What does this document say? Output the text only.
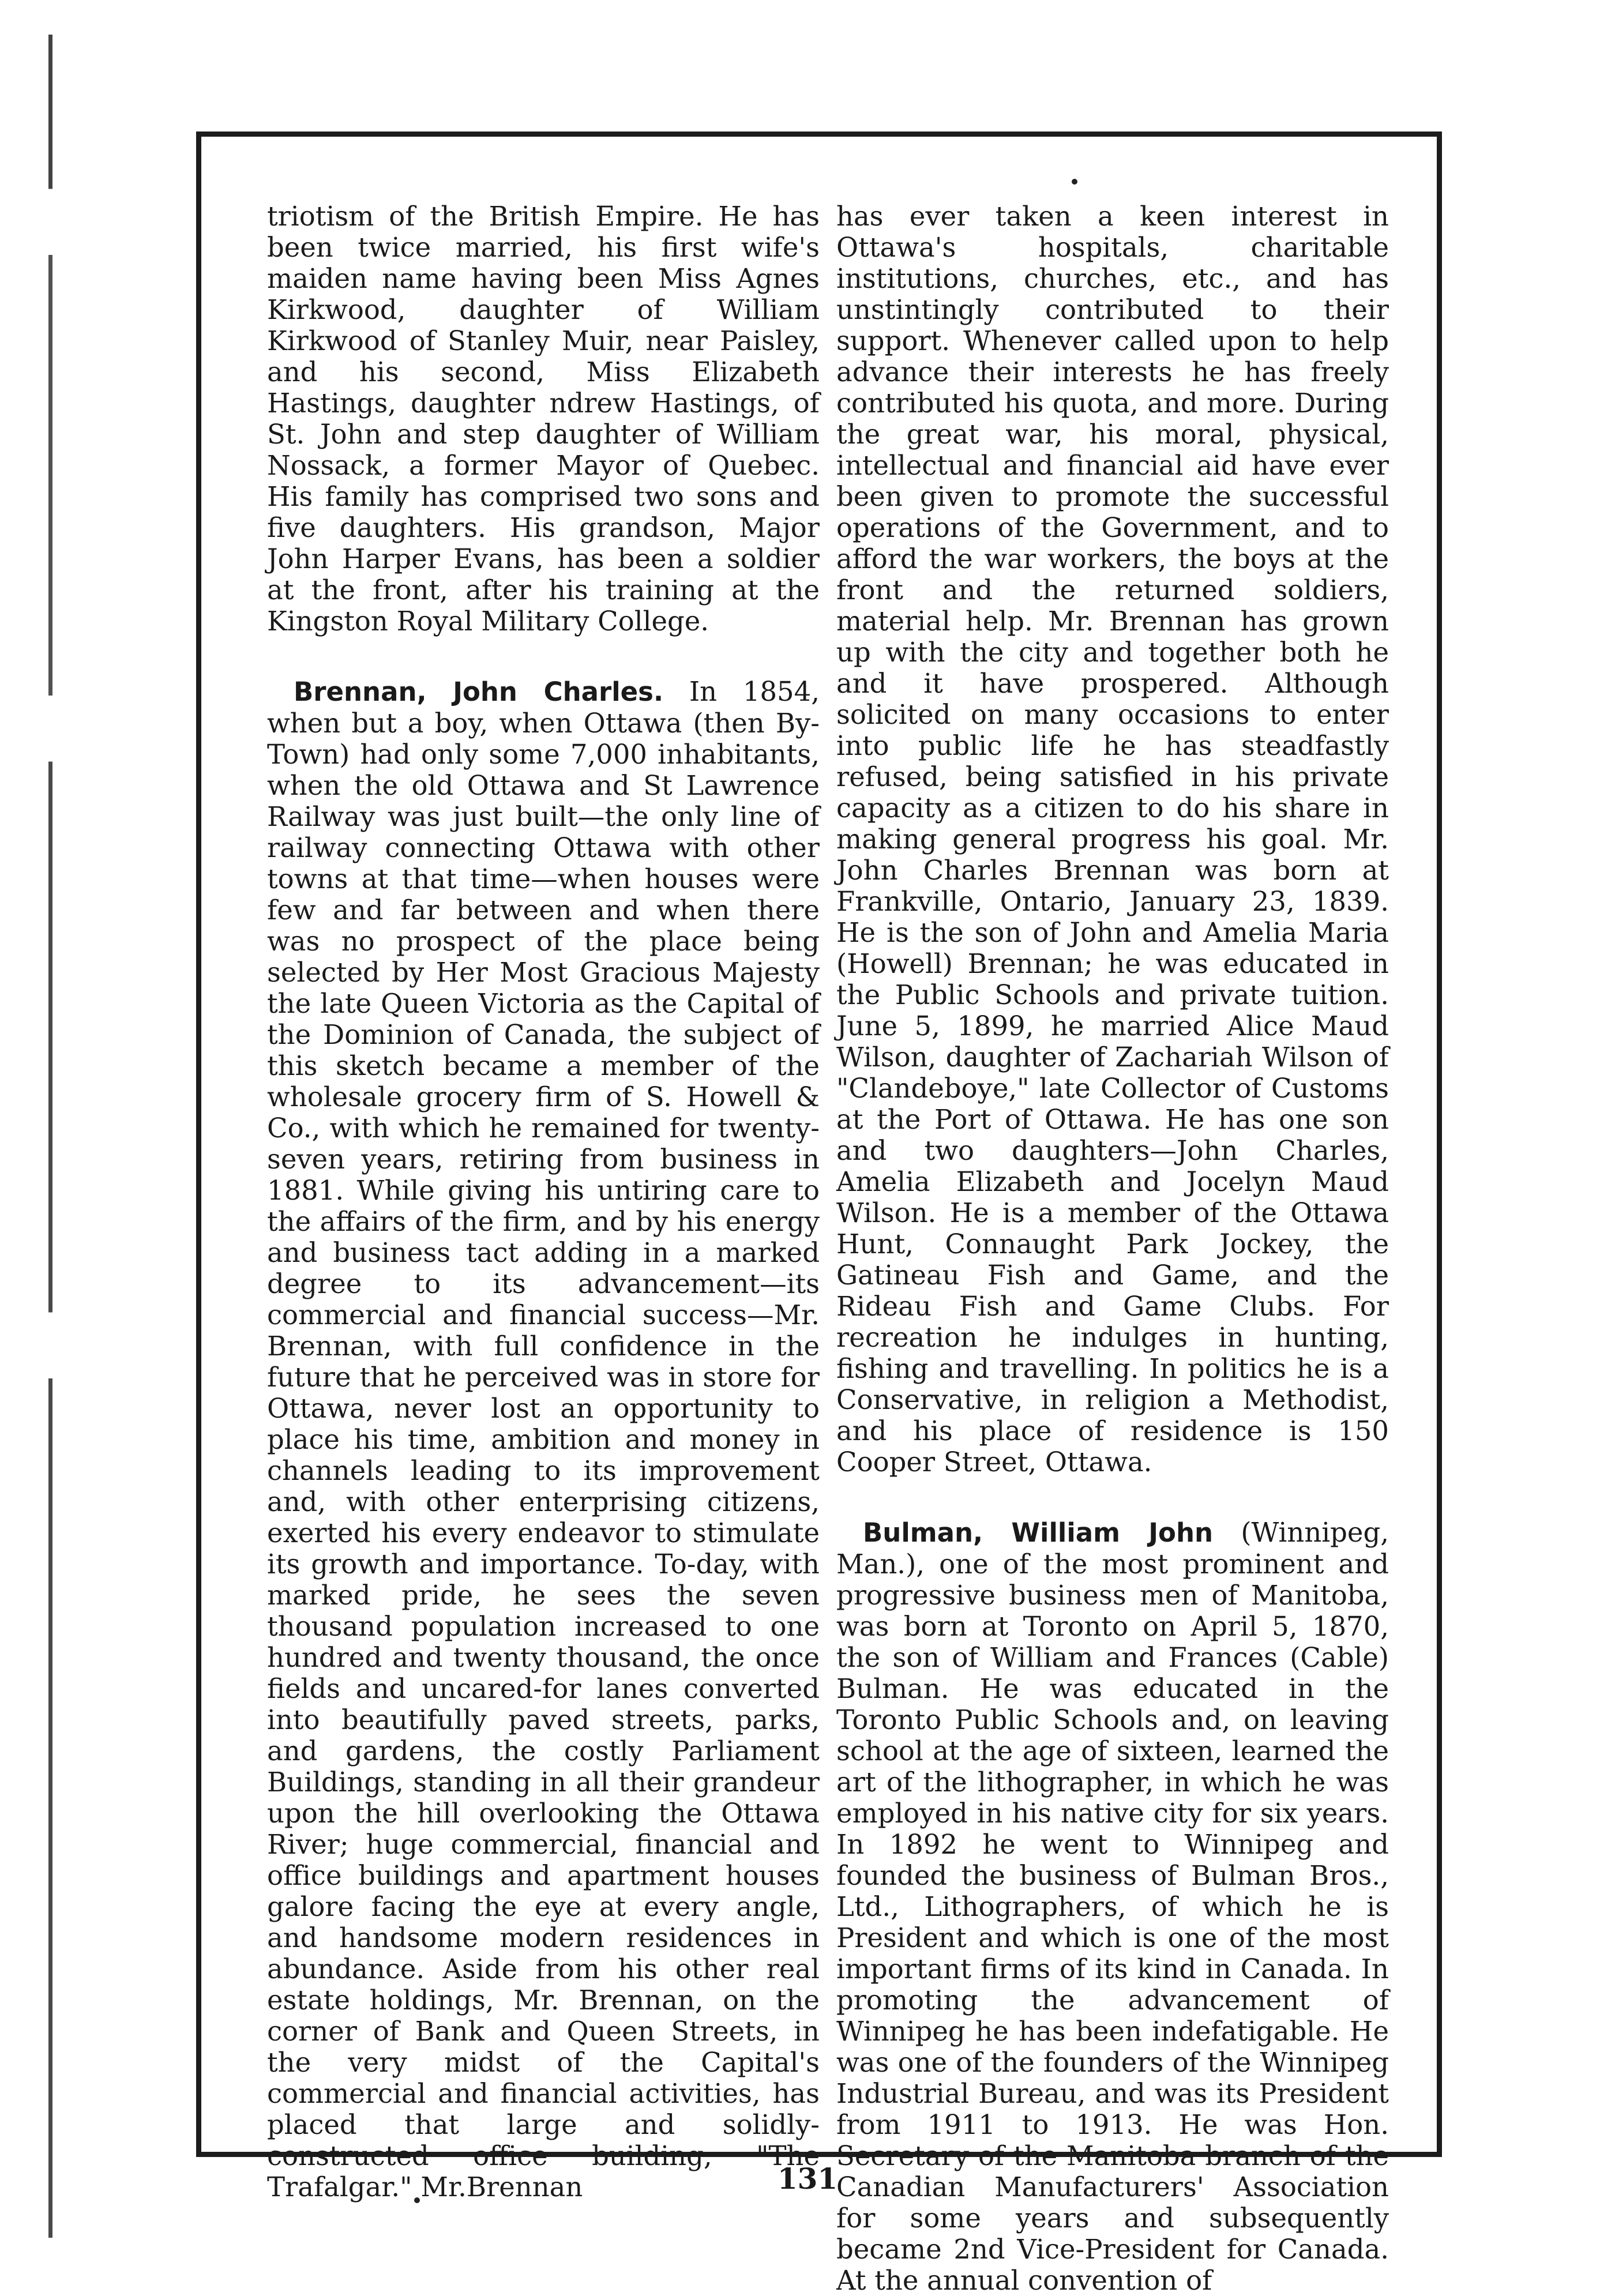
triotism of the British Empire. He has been twice married, his first wife's maiden name having been Miss Agnes Kirkwood, daughter of William Kirkwood of Stanley Muir, near Paisley, and his second, Miss Elizabeth Hastings, daughter ndrew Hastings, of St. John and step daughter of William Nossack, a former Mayor of Quebec. His family has comprised two sons and five daughters. His grandson, Major John Harper Evans, has been a soldier at the front, after his training at the Kingston Royal Military College.

Brennan, John Charles. In 1854, when but a boy, when Ottawa (then By-Town) had only some 7,000 inhabitants, when the old Ottawa and St Lawrence Railway was just built—the only line of railway connecting Ottawa with other towns at that time—when houses were few and far between and when there was no prospect of the place being selected by Her Most Gracious Majesty the late Queen Victoria as the Capital of the Dominion of Canada, the subject of this sketch became a member of the wholesale grocery firm of S. Howell & Co., with which he remained for twenty-seven years, retiring from business in 1881. While giving his untiring care to the affairs of the firm, and by his energy and business tact adding in a marked degree to its advancement—its commercial and financial success—Mr. Brennan, with full confidence in the future that he perceived was in store for Ottawa, never lost an opportunity to place his time, ambition and money in channels leading to its improvement and, with other enterprising citizens, exerted his every endeavor to stimulate its growth and importance. To-day, with marked pride, he sees the seven thousand population increased to one hundred and twenty thousand, the once fields and uncared-for lanes converted into beautifully paved streets, parks, and gardens, the costly Parliament Buildings, standing in all their grandeur upon the hill overlooking the Ottawa River; huge commercial, financial and office buildings and apartment houses galore facing the eye at every angle, and handsome modern residences in abundance. Aside from his other real estate holdings, Mr. Brennan, on the corner of Bank and Queen Streets, in the very midst of the Capital's commercial and financial activities, has placed that large and solidly-constructed office building, "The Trafalgar." Mr.Brennan

has ever taken a keen interest in Ottawa's hospitals, charitable institutions, churches, etc., and has unstintingly contributed to their support. Whenever called upon to help advance their interests he has freely contributed his quota, and more. During the great war, his moral, physical, intellectual and financial aid have ever been given to promote the successful operations of the Government, and to afford the war workers, the boys at the front and the returned soldiers, material help. Mr. Brennan has grown up with the city and together both he and it have prospered. Although solicited on many occasions to enter into public life he has steadfastly refused, being satisfied in his private capacity as a citizen to do his share in making general progress his goal. Mr. John Charles Brennan was born at Frankville, Ontario, January 23, 1839. He is the son of John and Amelia Maria (Howell) Brennan; he was educated in the Public Schools and private tuition. June 5, 1899, he married Alice Maud Wilson, daughter of Zachariah Wilson of "Clandeboye," late Collector of Customs at the Port of Ottawa. He has one son and two daughters—John Charles, Amelia Elizabeth and Jocelyn Maud Wilson. He is a member of the Ottawa Hunt, Connaught Park Jockey, the Gatineau Fish and Game, and the Rideau Fish and Game Clubs. For recreation he indulges in hunting, fishing and travelling. In politics he is a Conservative, in religion a Methodist, and his place of residence is 150 Cooper Street, Ottawa.

Bulman, William John (Winnipeg, Man.), one of the most prominent and progressive business men of Manitoba, was born at Toronto on April 5, 1870, the son of William and Frances (Cable) Bulman. He was educated in the Toronto Public Schools and, on leaving school at the age of sixteen, learned the art of the lithographer, in which he was employed in his native city for six years. In 1892 he went to Winnipeg and founded the business of Bulman Bros., Ltd., Lithographers, of which he is President and which is one of the most important firms of its kind in Canada. In promoting the advancement of Winnipeg he has been indefatigable. He was one of the founders of the Winnipeg Industrial Bureau, and was its President from 1911 to 1913. He was Hon. Secretary of the Manitoba branch of the Canadian Manufacturers' Association for some years and subsequently became 2nd Vice-President for Canada. At the annual convention of

131
